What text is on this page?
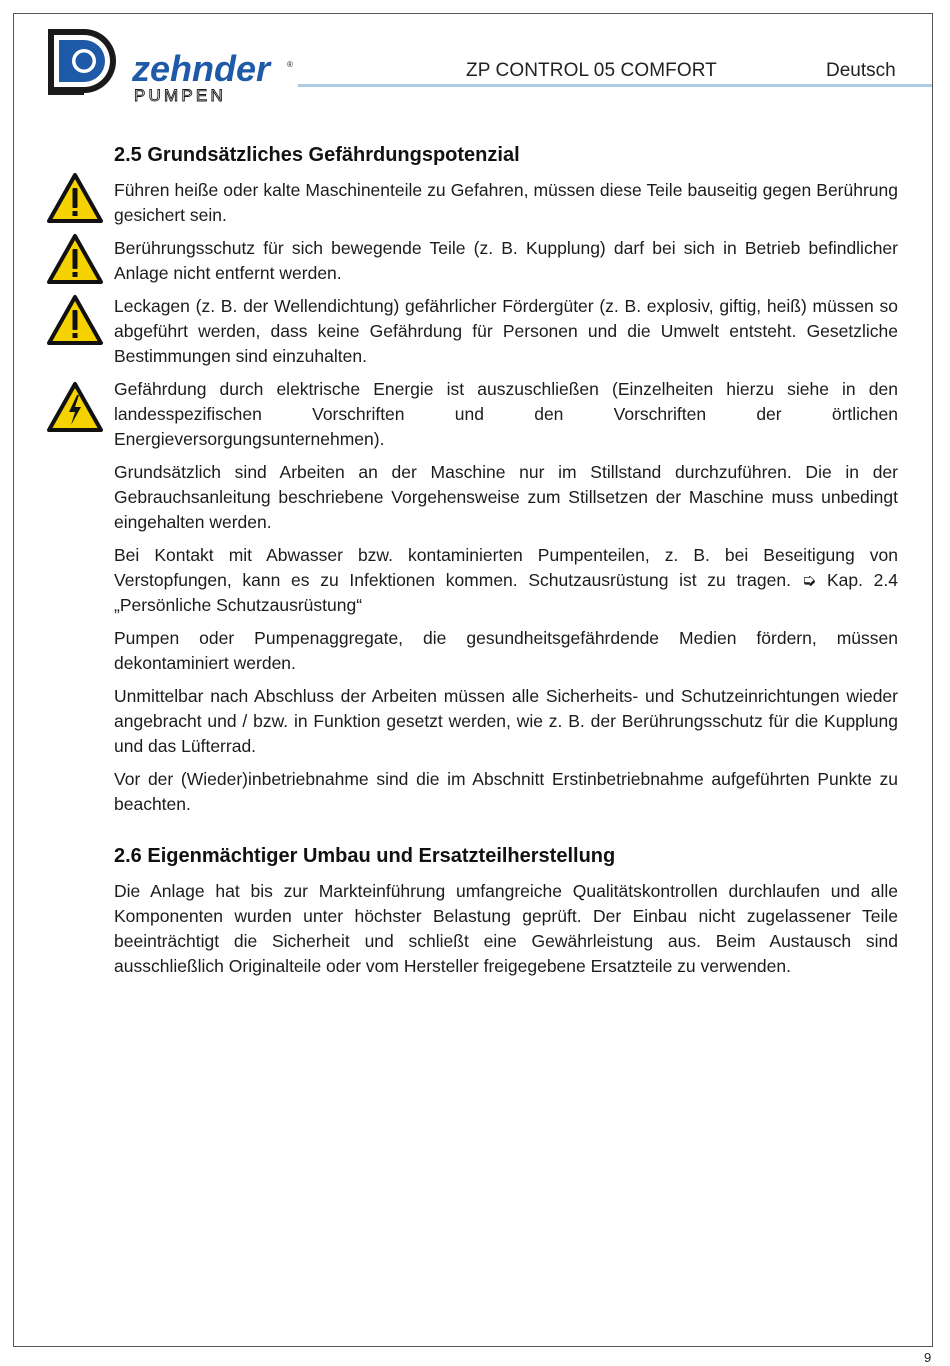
zehnder
PUMPEN
®	ZP CONTROL 05 COMFORT	Deutsch
2.5 Grundsätzliches Gefährdungspotenzial

Führen heiße oder kalte Maschinenteile zu Gefahren, müssen diese Teile bauseitig gegen Berührung gesichert sein.

Berührungsschutz für sich bewegende Teile (z. B. Kupplung) darf bei sich in Betrieb befindlicher Anlage nicht entfernt werden.

Leckagen (z. B. der Wellendichtung) gefährlicher Fördergüter (z. B. explosiv, giftig, heiß) müssen so abgeführt werden, dass keine Gefährdung für Personen und die Umwelt entsteht. Gesetzliche Bestimmungen sind einzuhalten.

Gefährdung durch elektrische Energie ist auszuschließen (Einzelheiten hierzu siehe in den landesspezifischen Vorschriften und den Vorschriften der örtlichen Energieversorgungsunternehmen).

Grundsätzlich sind Arbeiten an der Maschine nur im Stillstand durchzuführen. Die in der Gebrauchsanleitung beschriebene Vorgehensweise zum Stillsetzen der Maschine muss unbedingt eingehalten werden.

Bei Kontakt mit Abwasser bzw. kontaminierten Pumpenteilen, z. B. bei Beseitigung von Verstopfungen, kann es zu Infektionen kommen. Schutzausrüstung ist zu tragen. ➭ Kap. 2.4 „Persönliche Schutzausrüstung“

Pumpen oder Pumpenaggregate, die gesundheitsgefährdende Medien fördern, müssen dekontaminiert werden.

Unmittelbar nach Abschluss der Arbeiten müssen alle Sicherheits- und Schutzeinrichtungen wieder angebracht und / bzw. in Funktion gesetzt werden, wie z. B. der Berührungsschutz für die Kupplung und das Lüfterrad.

Vor der (Wieder)inbetriebnahme sind die im Abschnitt Erstinbetriebnahme aufgeführten Punkte zu beachten.

2.6 Eigenmächtiger Umbau und Ersatzteilherstellung

Die Anlage hat bis zur Markteinführung umfangreiche Qualitätskontrollen durchlaufen und alle Komponenten wurden unter höchster Belastung geprüft. Der Einbau nicht zugelassener Teile beeinträchtigt die Sicherheit und schließt eine Gewährleistung aus. Beim Austausch sind ausschließlich Originalteile oder vom Hersteller freigegebene Ersatzteile zu verwenden.

9
